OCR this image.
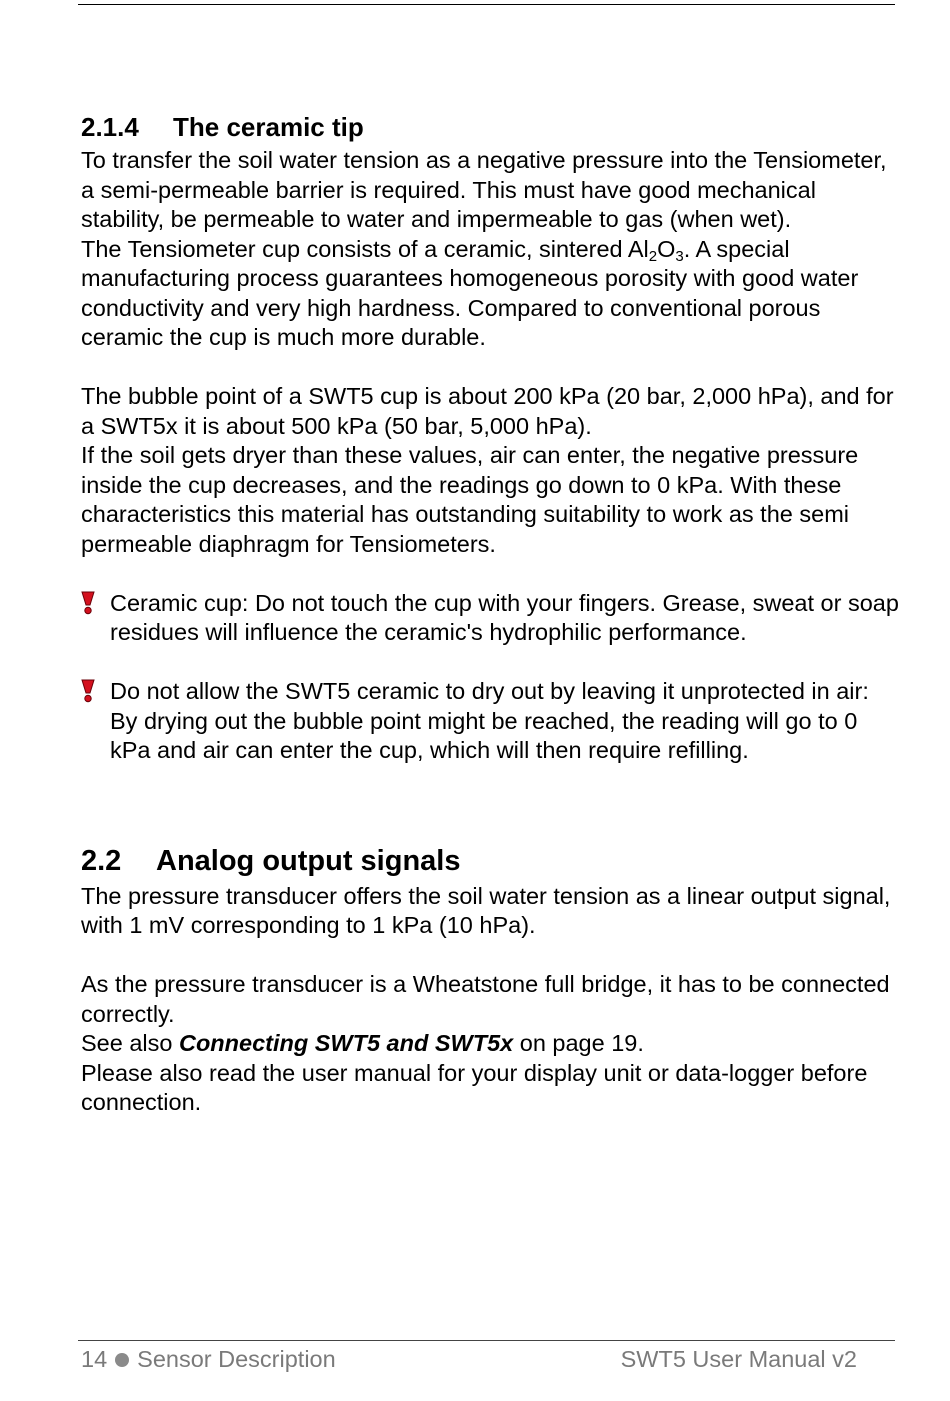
2.1.4 The ceramic tip

To transfer the soil water tension as a negative pressure into the Tensiometer, a semi-permeable barrier is required. This must have good mechanical stability, be permeable to water and impermeable to gas (when wet).

The Tensiometer cup consists of a ceramic, sintered $Al_2O_3$. A special manufacturing process guarantees homogeneous porosity with good water conductivity and very high hardness. Compared to conventional porous ceramic the cup is much more durable.

The bubble point of a SWT5 cup is about 200 kPa (20 bar, 2,000 hPa), and for a SWT5x it is about 500 kPa (50 bar, 5,000 hPa).

If the soil gets dryer than these values, air can enter, the negative pressure inside the cup decreases, and the readings go down to 0 kPa. With these characteristics this material has outstanding suitability to work as the semi permeable diaphragm for Tensiometers.

Ceramic cup: Do not touch the cup with your fingers. Grease, sweat or soap residues will influence the ceramic's hydrophilic performance.

Do not allow the SWT5 ceramic to dry out by leaving it unprotected in air: By drying out the bubble point might be reached, the reading will go to 0 kPa and air can enter the cup, which will then require refilling.

2.2 Analog output signals

The pressure transducer offers the soil water tension as a linear output signal, with 1 mV corresponding to 1 kPa (10 hPa).

As the pressure transducer is a Wheatstone full bridge, it has to be connected correctly.

See also Connecting SWT5 and SWT5x on page 19.

Please also read the user manual for your display unit or data-logger before connection.

14 Sensor Description	SWT5 User Manual v2
